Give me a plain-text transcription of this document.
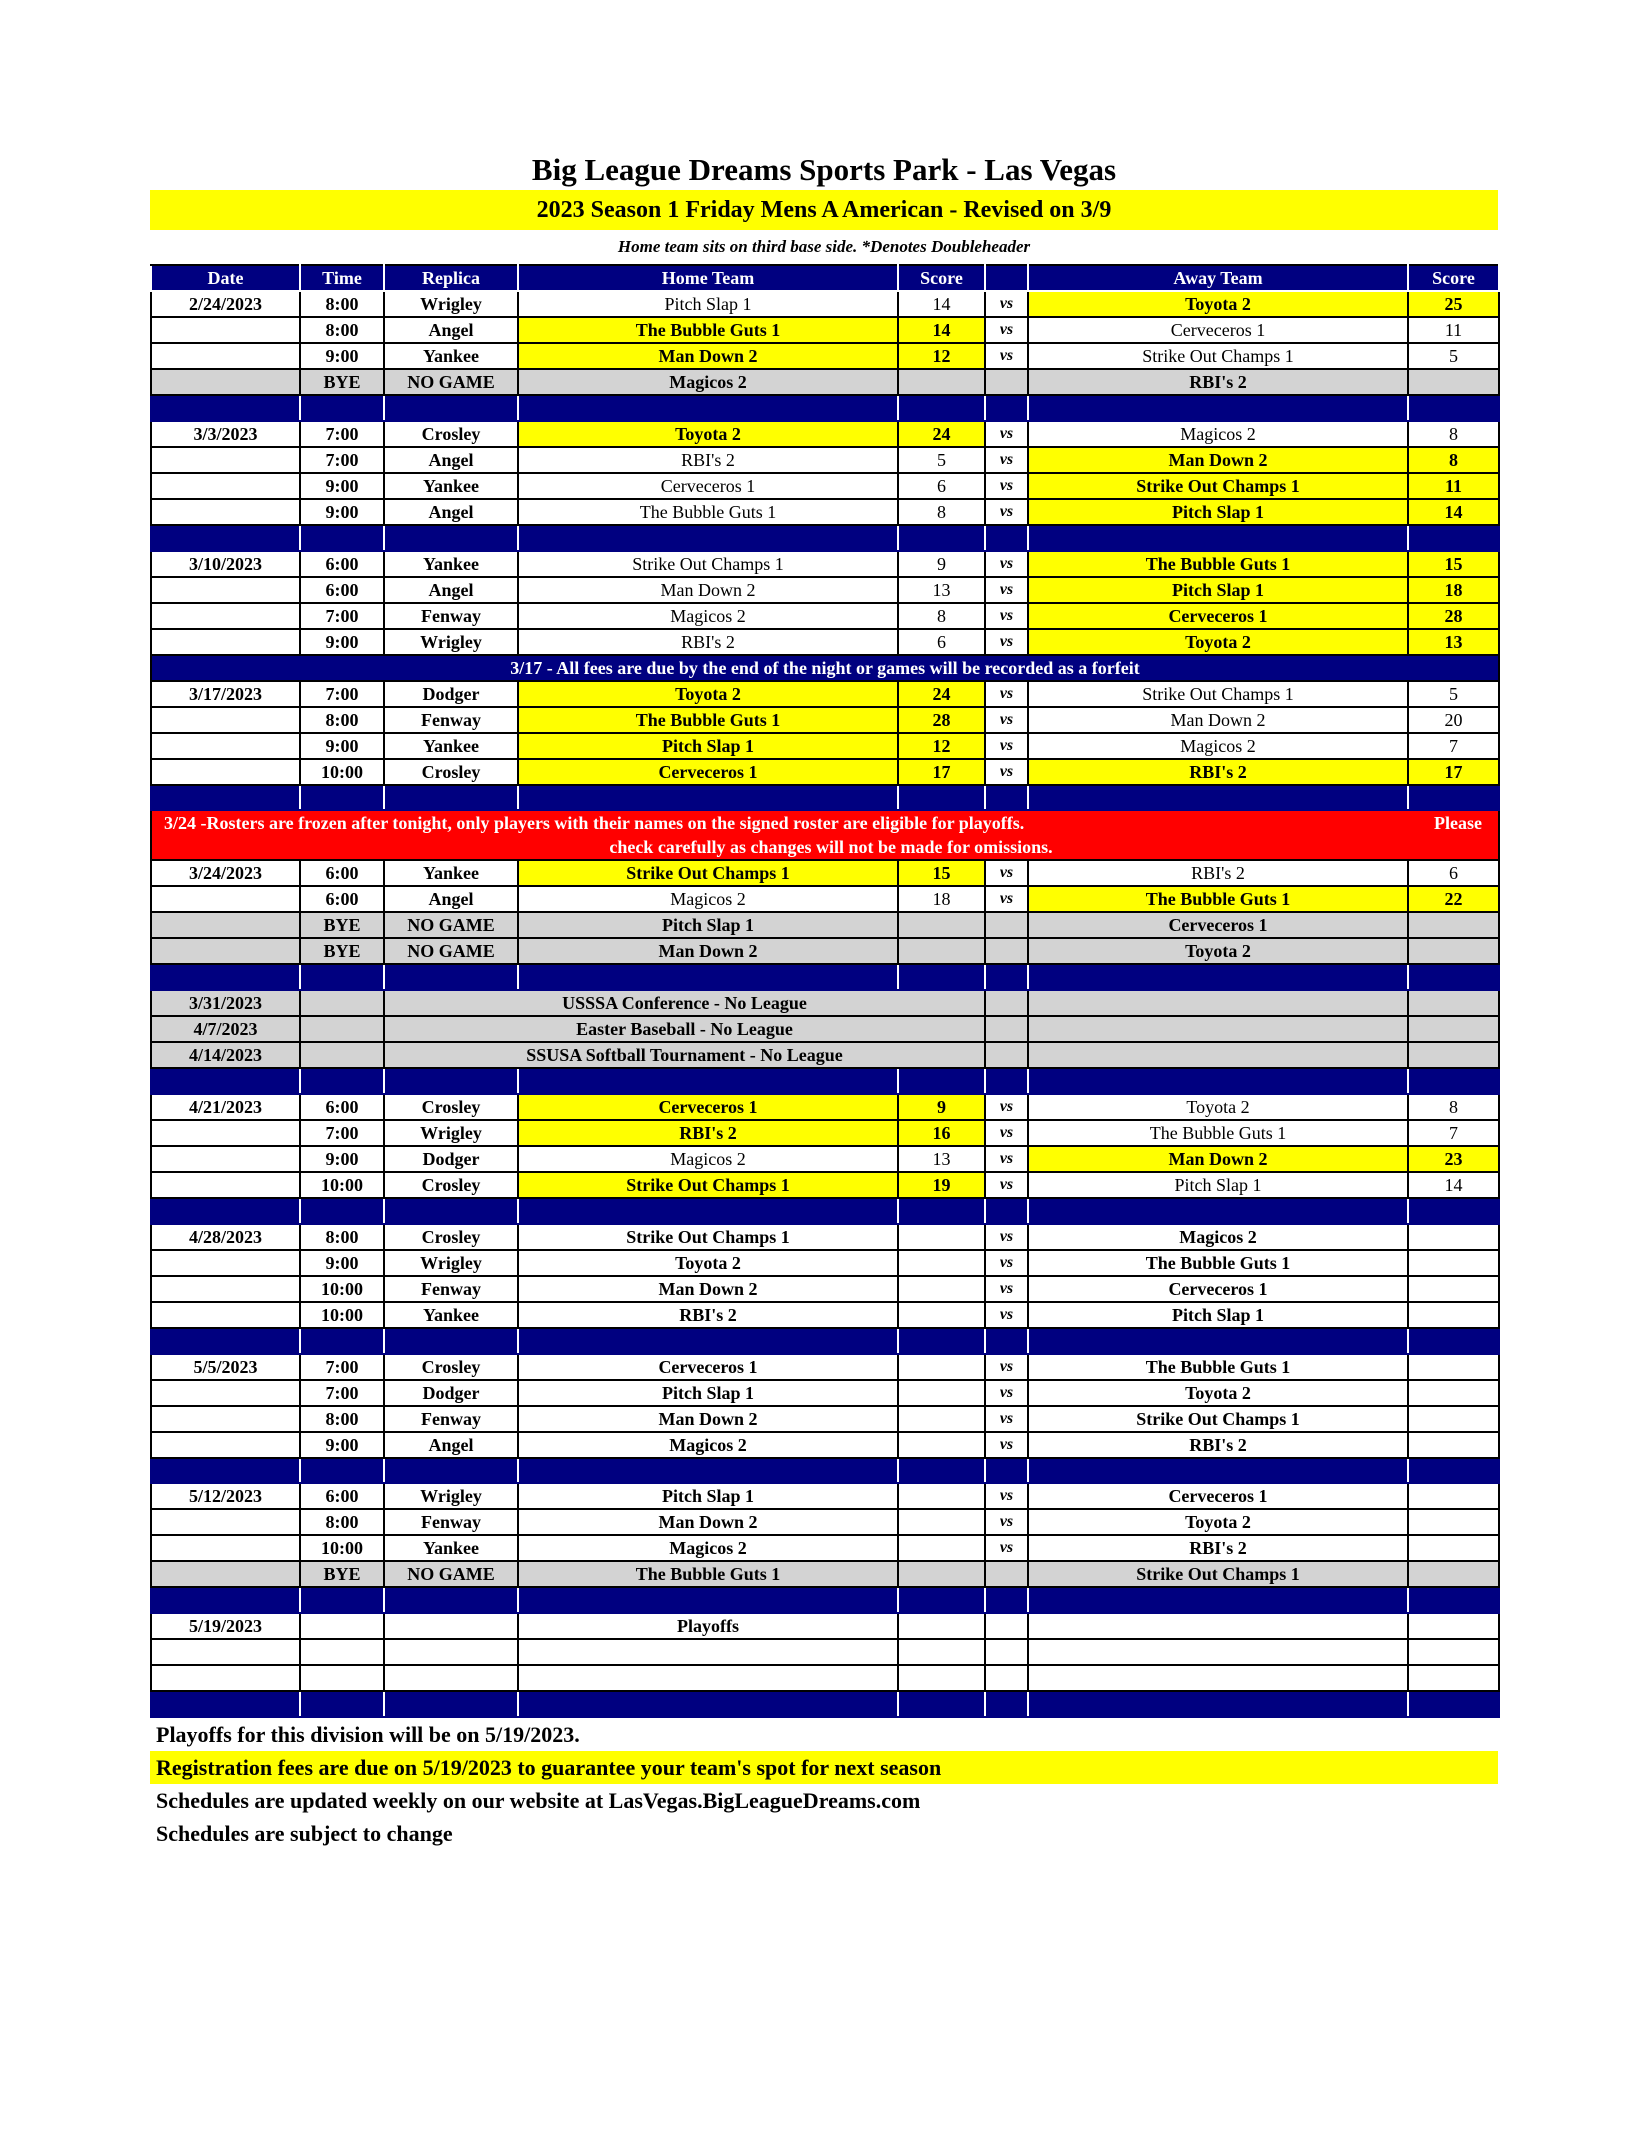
Big League Dreams Sports Park - Las Vegas
2023 Season 1 Friday Mens A American - Revised on 3/9
Home team sits on third base side. *Denotes Doubleheader
Date	Time	Replica	Home Team	Score		Away Team	Score
2/24/2023	8:00	Wrigley	Pitch Slap 1	14	vs	Toyota 2	25
	8:00	Angel	The Bubble Guts 1	14	vs	Cerveceros 1	11
	9:00	Yankee	Man Down 2	12	vs	Strike Out Champs 1	5
	BYE	NO GAME	Magicos 2			RBI's 2	

3/3/2023	7:00	Crosley	Toyota 2	24	vs	Magicos 2	8
	7:00	Angel	RBI's 2	5	vs	Man Down 2	8
	9:00	Yankee	Cerveceros 1	6	vs	Strike Out Champs 1	11
	9:00	Angel	The Bubble Guts 1	8	vs	Pitch Slap 1	14

3/10/2023	6:00	Yankee	Strike Out Champs 1	9	vs	The Bubble Guts 1	15
	6:00	Angel	Man Down 2	13	vs	Pitch Slap 1	18
	7:00	Fenway	Magicos 2	8	vs	Cerveceros 1	28
	9:00	Wrigley	RBI's 2	6	vs	Toyota 2	13
3/17 - All fees are due by the end of the night or games will be recorded as a forfeit							
3/17/2023	7:00	Dodger	Toyota 2	24	vs	Strike Out Champs 1	5
	8:00	Fenway	The Bubble Guts 1	28	vs	Man Down 2	20
	9:00	Yankee	Pitch Slap 1	12	vs	Magicos 2	7
	10:00	Crosley	Cerveceros 1	17	vs	RBI's 2	17

3/24 -Rosters are frozen after tonight, only players with their names on the signed roster are eligible for playoffs. Please
check carefully as changes will not be made for omissions.							

3/24/2023	6:00	Yankee	Strike Out Champs 1	15	vs	RBI's 2	6
	6:00	Angel	Magicos 2	18	vs	The Bubble Guts 1	22
	BYE	NO GAME	Pitch Slap 1			Cerveceros 1	
	BYE	NO GAME	Man Down 2			Toyota 2	

3/31/2023		USSSA Conference - No League					
4/7/2023		Easter Baseball - No League					
4/14/2023		SSUSA Softball Tournament - No League					

4/21/2023	6:00	Crosley	Cerveceros 1	9	vs	Toyota 2	8
	7:00	Wrigley	RBI's 2	16	vs	The Bubble Guts 1	7
	9:00	Dodger	Magicos 2	13	vs	Man Down 2	23
	10:00	Crosley	Strike Out Champs 1	19	vs	Pitch Slap 1	14

4/28/2023	8:00	Crosley	Strike Out Champs 1		vs	Magicos 2	
	9:00	Wrigley	Toyota 2		vs	The Bubble Guts 1	
	10:00	Fenway	Man Down 2		vs	Cerveceros 1	
	10:00	Yankee	RBI's 2		vs	Pitch Slap 1	

5/5/2023	7:00	Crosley	Cerveceros 1		vs	The Bubble Guts 1	
	7:00	Dodger	Pitch Slap 1		vs	Toyota 2	
	8:00	Fenway	Man Down 2		vs	Strike Out Champs 1	
	9:00	Angel	Magicos 2		vs	RBI's 2	

5/12/2023	6:00	Wrigley	Pitch Slap 1		vs	Cerveceros 1	
	8:00	Fenway	Man Down 2		vs	Toyota 2	
	10:00	Yankee	Magicos 2		vs	RBI's 2	
	BYE	NO GAME	The Bubble Guts 1			Strike Out Champs 1	

5/19/2023			Playoffs				

Playoffs for this division will be on 5/19/2023.
Registration fees are due on 5/19/2023 to guarantee your team's spot for next season
Schedules are updated weekly on our website at LasVegas.BigLeagueDreams.com
Schedules are subject to change
